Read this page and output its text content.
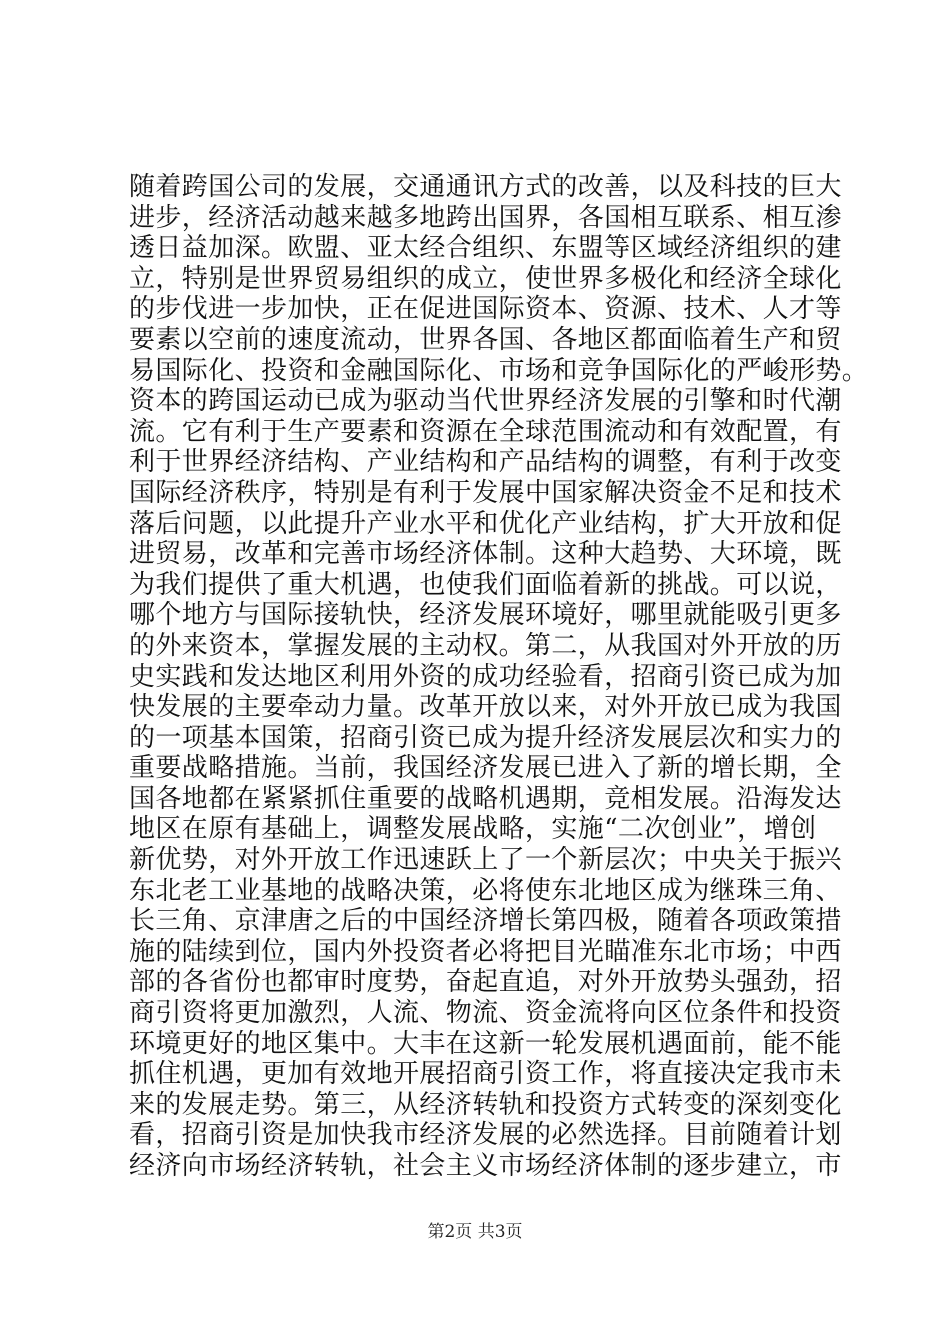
随着跨国公司的发展，交通通讯方式的改善，以及科技的巨大
进步，经济活动越来越多地跨出国界，各国相互联系、相互渗
透日益加深。欧盟、亚太经合组织、东盟等区域经济组织的建
立，特别是世界贸易组织的成立，使世界多极化和经济全球化
的步伐进一步加快，正在促进国际资本、资源、技术、人才等
要素以空前的速度流动，世界各国、各地区都面临着生产和贸
易国际化、投资和金融国际化、市场和竞争国际化的严峻形势。
资本的跨国运动已成为驱动当代世界经济发展的引擎和时代潮
流。它有利于生产要素和资源在全球范围流动和有效配置，有
利于世界经济结构、产业结构和产品结构的调整，有利于改变
国际经济秩序，特别是有利于发展中国家解决资金不足和技术
落后问题，以此提升产业水平和优化产业结构，扩大开放和促
进贸易，改革和完善市场经济体制。这种大趋势、大环境，既
为我们提供了重大机遇，也使我们面临着新的挑战。可以说，
哪个地方与国际接轨快，经济发展环境好，哪里就能吸引更多
的外来资本，掌握发展的主动权。第二，从我国对外开放的历
史实践和发达地区利用外资的成功经验看，招商引资已成为加
快发展的主要牵动力量。改革开放以来，对外开放已成为我国
的一项基本国策，招商引资已成为提升经济发展层次和实力的
重要战略措施。当前，我国经济发展已进入了新的增长期，全
国各地都在紧紧抓住重要的战略机遇期，竞相发展。沿海发达
地区在原有基础上，调整发展战略，实施“二次创业”，增创
新优势，对外开放工作迅速跃上了一个新层次；中央关于振兴
东北老工业基地的战略决策，必将使东北地区成为继珠三角、
长三角、京津唐之后的中国经济增长第四极，随着各项政策措
施的陆续到位，国内外投资者必将把目光瞄准东北市场；中西
部的各省份也都审时度势，奋起直追，对外开放势头强劲，招
商引资将更加激烈，人流、物流、资金流将向区位条件和投资
环境更好的地区集中。大丰在这新一轮发展机遇面前，能不能
抓住机遇，更加有效地开展招商引资工作，将直接决定我市未
来的发展走势。第三，从经济转轨和投资方式转变的深刻变化
看，招商引资是加快我市经济发展的必然选择。目前随着计划
经济向市场经济转轨，社会主义市场经济体制的逐步建立，市
第2页 共3页
